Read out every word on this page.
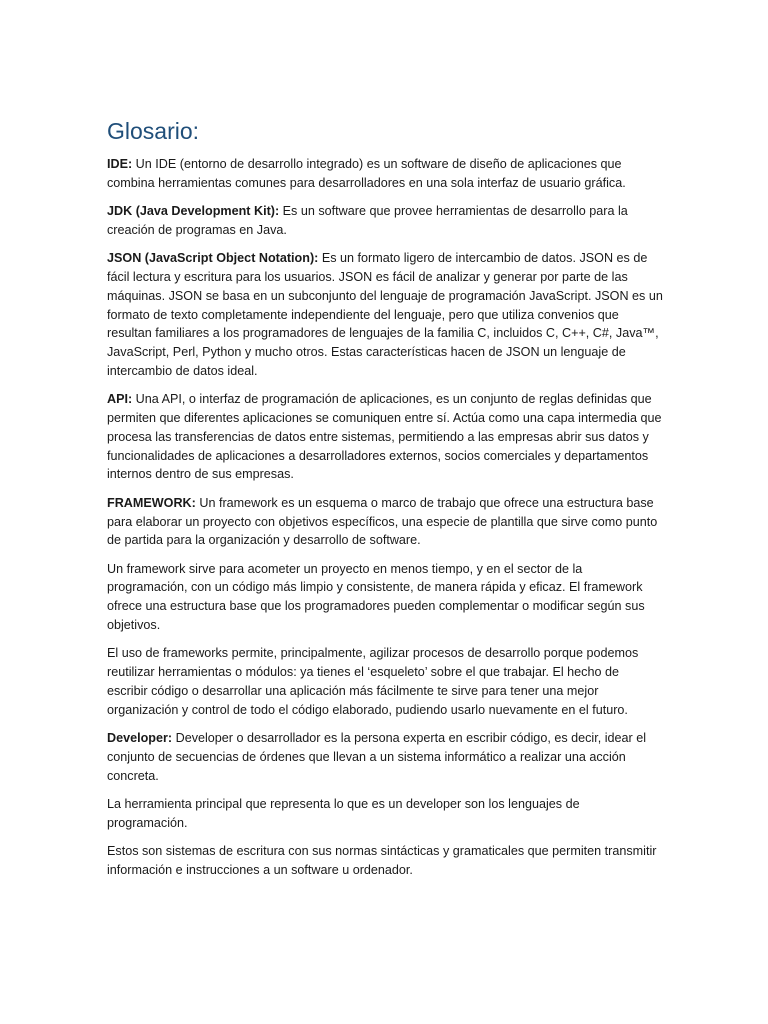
Glosario:

IDE: Un IDE (entorno de desarrollo integrado) es un software de diseño de aplicaciones que combina herramientas comunes para desarrolladores en una sola interfaz de usuario gráfica.

JDK (Java Development Kit): Es un software que provee herramientas de desarrollo para la creación de programas en Java.

JSON (JavaScript Object Notation): Es un formato ligero de intercambio de datos. JSON es de fácil lectura y escritura para los usuarios. JSON es fácil de analizar y generar por parte de las máquinas. JSON se basa en un subconjunto del lenguaje de programación JavaScript. JSON es un formato de texto completamente independiente del lenguaje, pero que utiliza convenios que resultan familiares a los programadores de lenguajes de la familia C, incluidos C, C++, C#, Java™, JavaScript, Perl, Python y mucho otros. Estas características hacen de JSON un lenguaje de intercambio de datos ideal.

API: Una API, o interfaz de programación de aplicaciones, es un conjunto de reglas definidas que permiten que diferentes aplicaciones se comuniquen entre sí. Actúa como una capa intermedia que procesa las transferencias de datos entre sistemas, permitiendo a las empresas abrir sus datos y funcionalidades de aplicaciones a desarrolladores externos, socios comerciales y departamentos internos dentro de sus empresas.

FRAMEWORK: Un framework es un esquema o marco de trabajo que ofrece una estructura base para elaborar un proyecto con objetivos específicos, una especie de plantilla que sirve como punto de partida para la organización y desarrollo de software.

Un framework sirve para acometer un proyecto en menos tiempo, y en el sector de la programación, con un código más limpio y consistente, de manera rápida y eficaz. El framework ofrece una estructura base que los programadores pueden complementar o modificar según sus objetivos.

El uso de frameworks permite, principalmente, agilizar procesos de desarrollo porque podemos reutilizar herramientas o módulos: ya tienes el ‘esqueleto’ sobre el que trabajar. El hecho de escribir código o desarrollar una aplicación más fácilmente te sirve para tener una mejor organización y control de todo el código elaborado, pudiendo usarlo nuevamente en el futuro.

Developer: Developer o desarrollador es la persona experta en escribir código, es decir, idear el conjunto de secuencias de órdenes que llevan a un sistema informático a realizar una acción concreta.

La herramienta principal que representa lo que es un developer son los lenguajes de programación.

Estos son sistemas de escritura con sus normas sintácticas y gramaticales que permiten transmitir información e instrucciones a un software u ordenador.
